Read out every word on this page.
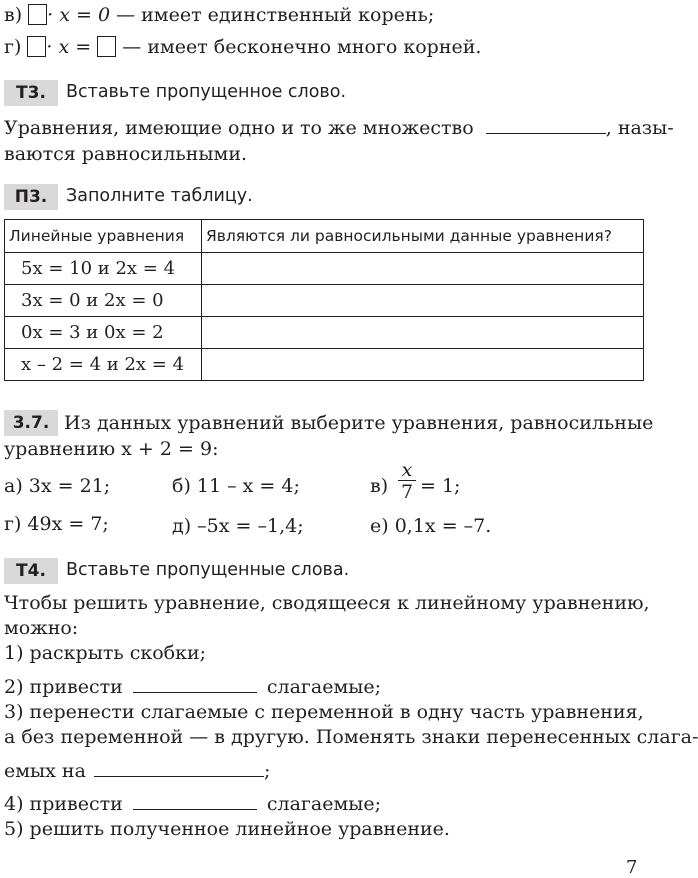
в) · x = 0 — имеет единственный корень;
г) · x = — имеет бесконечно много корней.
Т3.	Вставьте пропущенное слово.
Уравнения, имеющие одно и то же множество	, назы-
ваются равносильными.
П3.	Заполните таблицу.
Линейные уравнения	Являются ли равносильными данные уравнения?
5x = 10 и 2x = 4	
3x = 0 и 2x = 0	
0x = 3 и 0x = 2	
x – 2 = 4 и 2x = 4	
3.7. Из данных уравнений выберите уравнения, равносильные
уравнению x + 2 = 9:
а) 3x = 21;	б) 11 – x = 4;	$в) \frac{x}{7} = 1$;
г) 49x = 7;	д) –5x = –1,4;	е) 0,1x = –7.
Т4.	Вставьте пропущенные слова.
Чтобы решить уравнение, сводящееся к линейному уравнению,
можно:
1) раскрыть скобки;
2) привести	слагаемые;
3) перенести слагаемые с переменной в одну часть уравнения,
а без переменной — в другую. Поменять знаки перенесенных слага-
емых на	;
4) привести	слагаемые;
5) решить полученное линейное уравнение.
7
